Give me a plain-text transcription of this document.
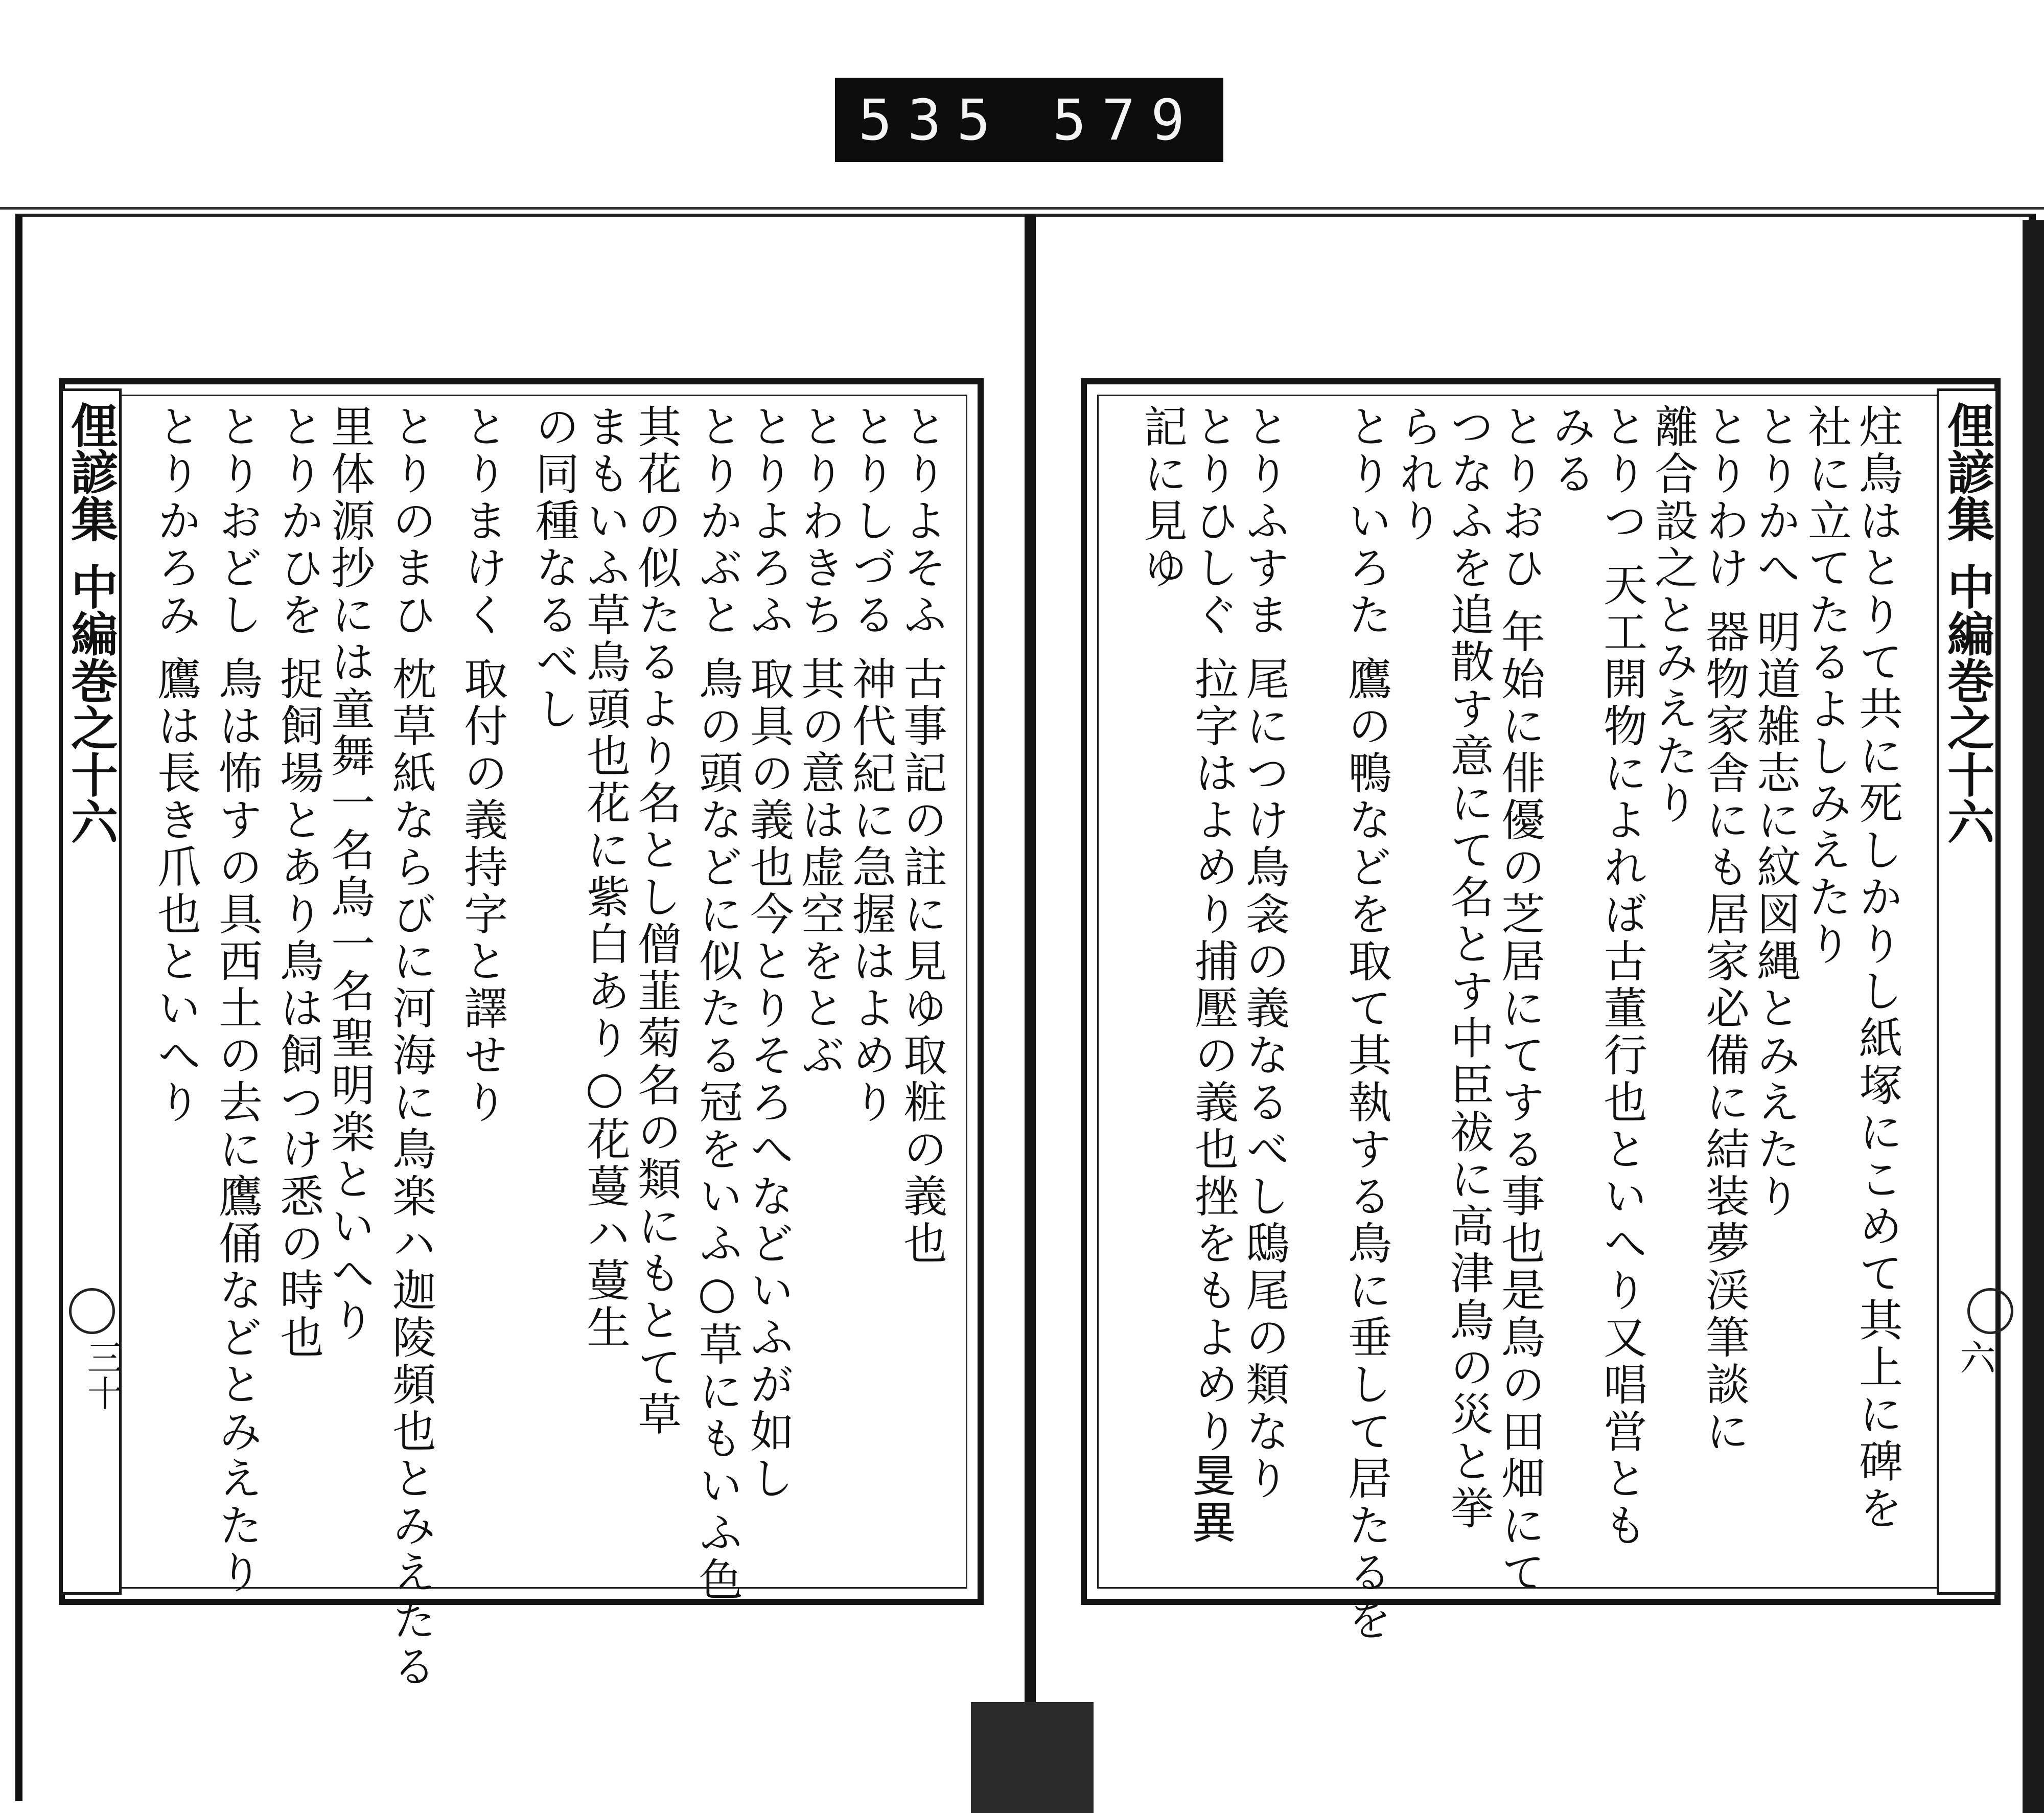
535 579
俚諺集
中編巻之十六
三十
俚諺集
中編巻之十六
六
炷鳥はとりて共に死しかりし紙塚にこめて其上に碑を
社に立てたるよしみえたり
とりかへ 明道雑志に紋図縄とみえたり
とりわけ 器物家舎にも居家必備に結装夢渓筆談に
離合設之とみえたり
とりつ 天工開物によれば古董行也といへり又唱営とも
みる
とりおひ 年始に俳優の芝居にてする事也是鳥の田畑にて
つなふを追散す意にて名とす中臣祓に高津鳥の災と挙
られり
とりいろた 鷹の鴨などを取て其執する鳥に垂して居たるを
とりふすま 尾につけ鳥衾の義なるべし鴟尾の類なり
とりひしぐ 拉字はよめり捕壓の義也挫をもよめり𥄎異
記に見ゆ
とりよそふ 古事記の註に見ゆ取粧の義也
とりしづる 神代紀に急握はよめり
とりわきち 其の意は虚空をとぶ
とりよろふ 取具の義也今とりそろへなどいふが如し
とりかぶと 鳥の頭などに似たる冠をいふ○草にもいふ色
其花の似たるより名とし僧韮菊名の類にもとて草
まもいふ草鳥頭也花に紫白あり○花蔓ハ蔓生
の同種なるべし
とりまけく 取付の義持字と譯せり
とりのまひ 枕草紙ならびに河海に鳥楽ハ迦陵頻也とみえたる
里体源抄には童舞一名鳥一名聖明楽といへり
とりかひを 捉飼場とあり鳥は飼つけ悉の時也
とりおどし 鳥は怖すの具西土の去に鷹俑などとみえたり
とりかろみ 鷹は長き爪也といへり
